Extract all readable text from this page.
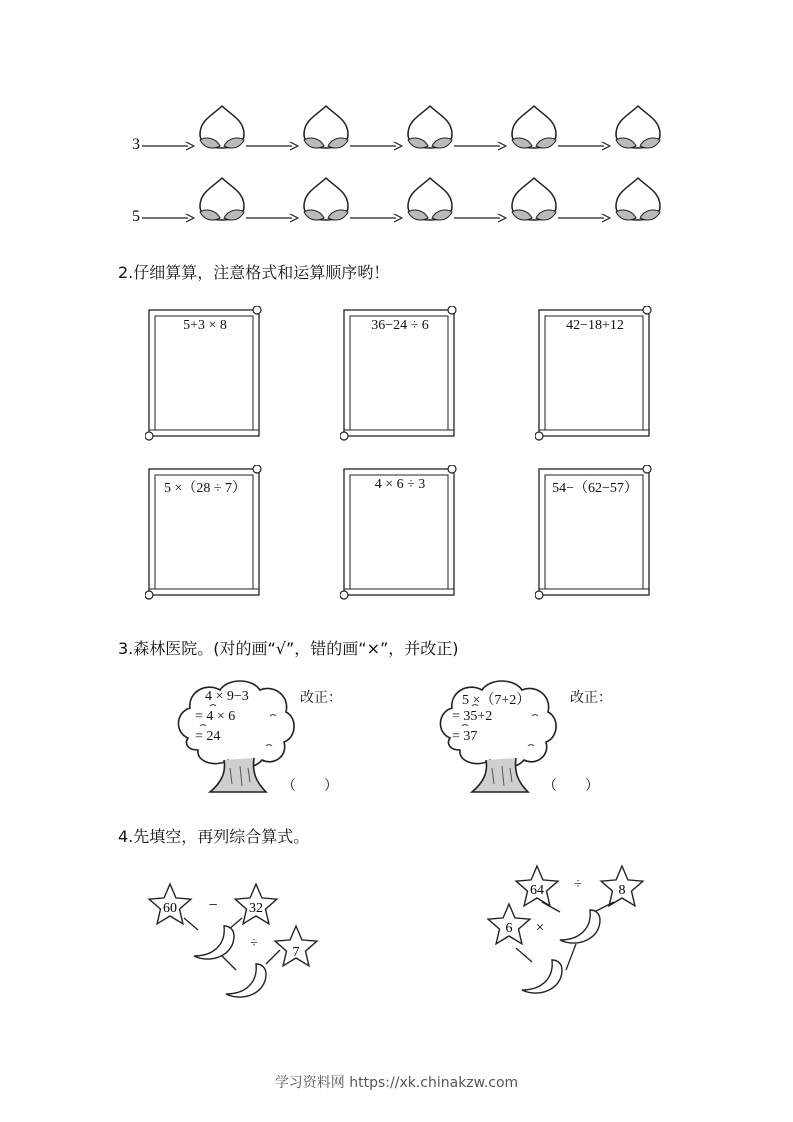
3
5
2.仔细算算，注意格式和运算顺序哟！
5+3 × 8	36−24 ÷ 6	42−18+12
5 ×（28 ÷ 7）	4 × 6 ÷ 3	54−（62−57）
3.森林医院。(对的画“√”，错的画“×”，并改正)
4 × 9−3
= 4 × 6
= 24
改正：
（　　）
5 ×（7+2）
= 35+2
= 37
改正：
（　　）
4.先填空，再列综合算式。
60 − 32
÷
7
64 ÷	8
6 ×
学习资料网 https://xk.chinakzw.com
